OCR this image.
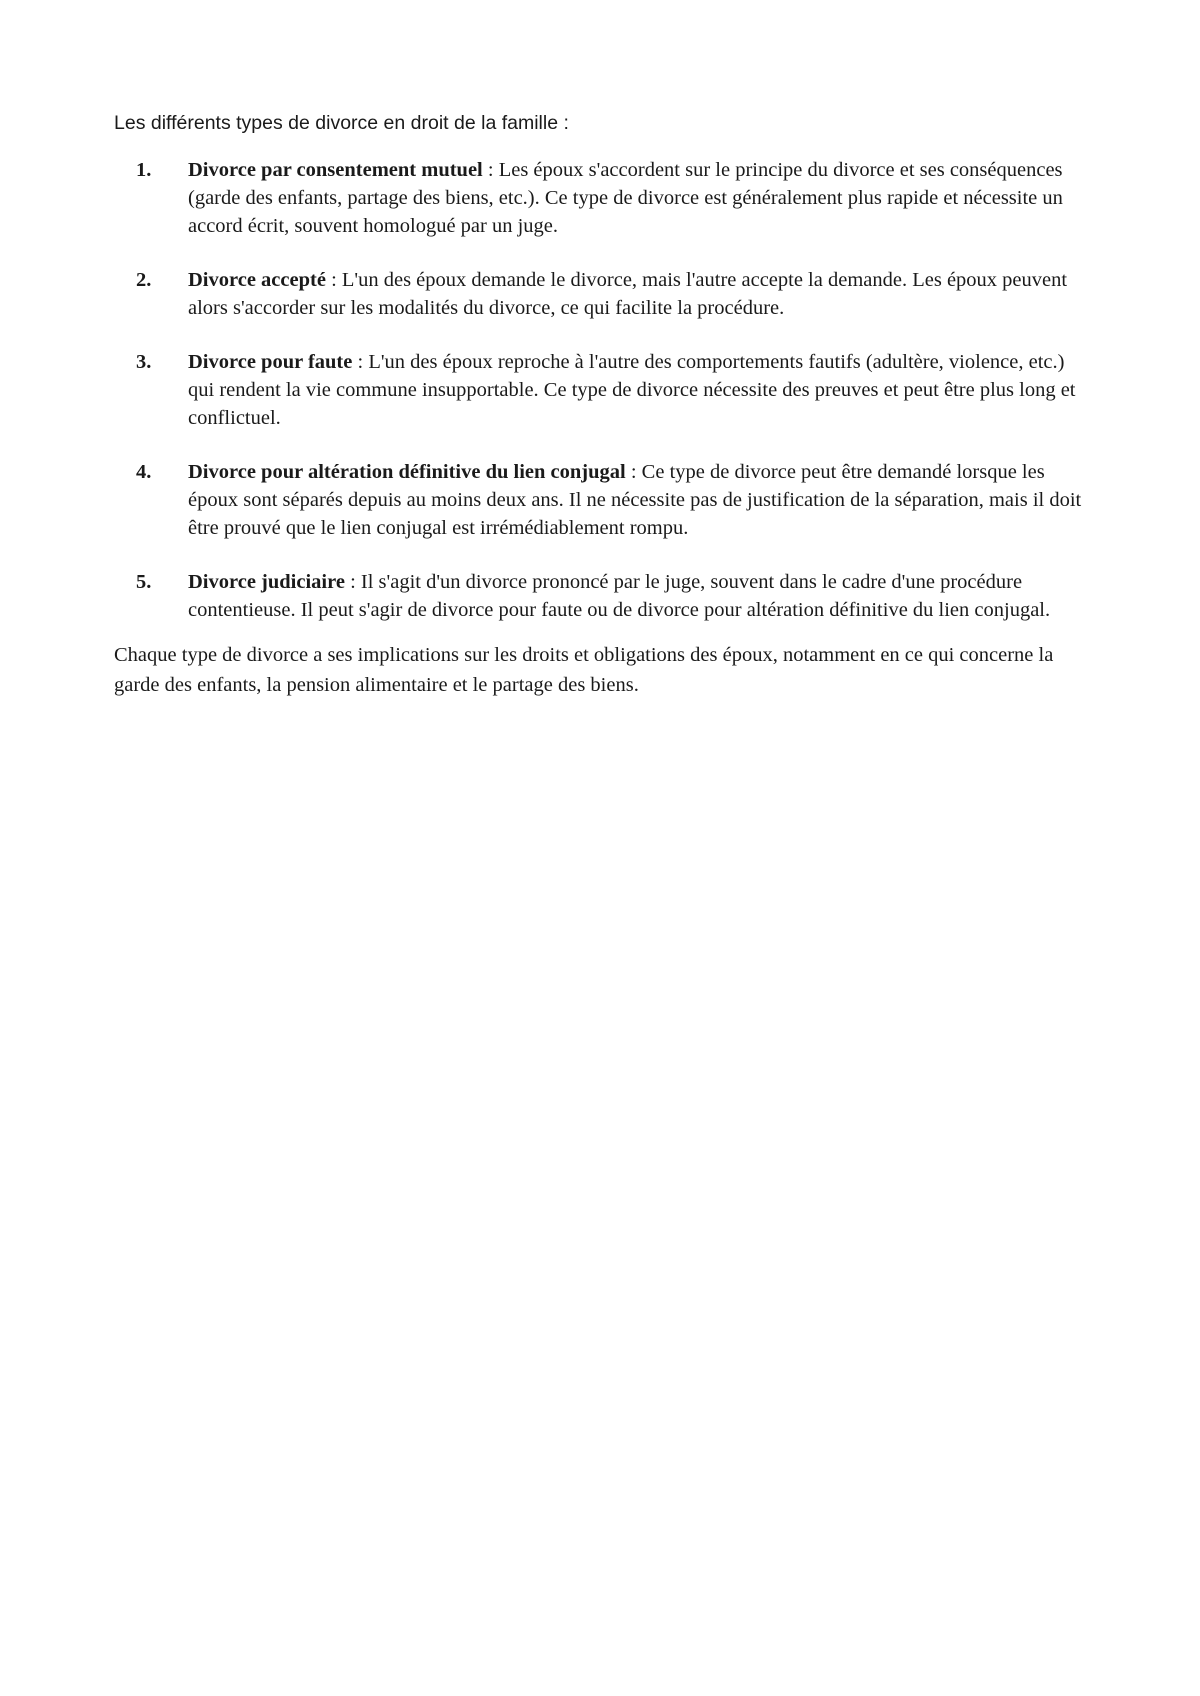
Les différents types de divorce en droit de la famille :

1. Divorce par consentement mutuel : Les époux s'accordent sur le principe du divorce et ses conséquences (garde des enfants, partage des biens, etc.). Ce type de divorce est généralement plus rapide et nécessite un accord écrit, souvent homologué par un juge.
2. Divorce accepté : L'un des époux demande le divorce, mais l'autre accepte la demande. Les époux peuvent alors s'accorder sur les modalités du divorce, ce qui facilite la procédure.
3. Divorce pour faute : L'un des époux reproche à l'autre des comportements fautifs (adultère, violence, etc.) qui rendent la vie commune insupportable. Ce type de divorce nécessite des preuves et peut être plus long et conflictuel.
4. Divorce pour altération définitive du lien conjugal : Ce type de divorce peut être demandé lorsque les époux sont séparés depuis au moins deux ans. Il ne nécessite pas de justification de la séparation, mais il doit être prouvé que le lien conjugal est irrémédiablement rompu.
5. Divorce judiciaire : Il s'agit d'un divorce prononcé par le juge, souvent dans le cadre d'une procédure contentieuse. Il peut s'agir de divorce pour faute ou de divorce pour altération définitive du lien conjugal.

Chaque type de divorce a ses implications sur les droits et obligations des époux, notamment en ce qui concerne la garde des enfants, la pension alimentaire et le partage des biens.
